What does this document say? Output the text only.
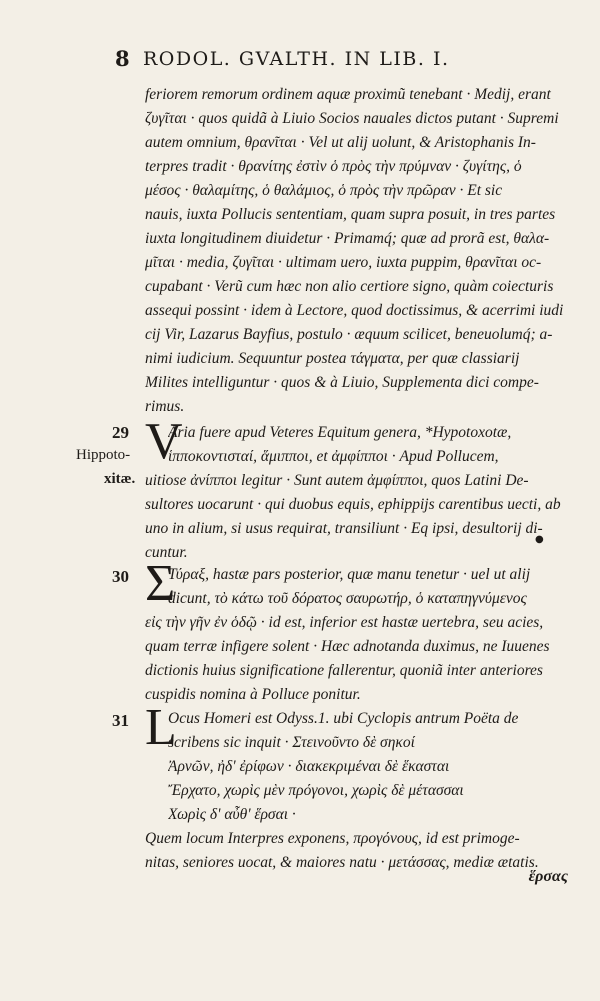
8 RODOL. GVALTH. IN LIB. I.
feriorem remorum ordinem aquæ proximũ tenebant · Medij, erant
ζυγῖται · quos quidã à Liuio Socios nauales dictos putant · Supremi
autem omnium, θρανῖται · Vel ut alij uolunt, & Aristophanis In-
terpres tradit · θρανίτης ἐστὶν ὁ πρὸς τὴν πρύμναν · ζυγίτης, ὁ
μέσος · θαλαμίτης, ὁ θαλάμιος, ὁ πρὸς τὴν πρῶραν · Et sic
nauis, iuxta Pollucis sententiam, quam supra posuit, in tres partes
iuxta longitudinem diuidetur · Primamq́; quæ ad prorã est, θαλα-
μῖται · media, ζυγῖται · ultimam uero, iuxta puppim, θρανῖται oc-
cupabant · Verũ cum hæc non alio certiore signo, quàm coiecturis
assequi possint · idem à Lectore, quod doctissimus, & acerrimi iudi
cij Vir, Lazarus Bayfius, postulo · æquum scilicet, beneuolumq́; a-
nimi iudicium. Sequuntur postea τάγματα, per quæ classiarij
Milites intelliguntur · quos & à Liuio, Supplementa dici compe-
rimus.
29 V
Hippoto-
xitæ.
Aria fuere apud Veteres Equitum genera, *Hypotoxotæ,
ἱπποκοντισταί, ἅμιπποι, et ἀμφίπποι · Apud Pollucem,
uitiose ἀνίπποι legitur · Sunt autem ἀμφίπποι, quos Latini De-
sultores uocarunt · qui duobus equis, ephippijs carentibus uecti, ab
uno in alium, si usus requirat, transiliunt · Eq ipsi, desultorij di-
cuntur.
●
30 Σ
Τύραξ, hastæ pars posterior, quæ manu tenetur · uel ut alij
dicunt, τὸ κάτω τοῦ δόρατος σαυρωτήρ, ὁ καταπηγνύμενος
εἰς τὴν γῆν ἐν ὁδῷ · id est, inferior est hastæ uertebra, seu acies,
quam terræ infigere solent · Hæc adnotanda duximus, ne Iuuenes
dictionis huius significatione fallerentur, quoniã inter anteriores
cuspidis nomina à Polluce ponitur.
31 L
Ocus Homeri est Odyss.1. ubi Cyclopis antrum Poëta de
scribens sic inquit · Στεινοῦντο δὲ σηκοί
Ἀρνῶν, ἠδ' ἐρίφων · διακεκριμέναι δὲ ἕκασται
Ἔρχατο, χωρὶς μὲν πρόγονοι, χωρὶς δὲ μέτασσαι
Χωρὶς δ' αὖθ' ἕρσαι ·
Quem locum Interpres exponens, προγόνους, id est primoge-
nitas, seniores uocat, & maiores natu · μετάσσας, mediæ ætatis.
ἕρσας
